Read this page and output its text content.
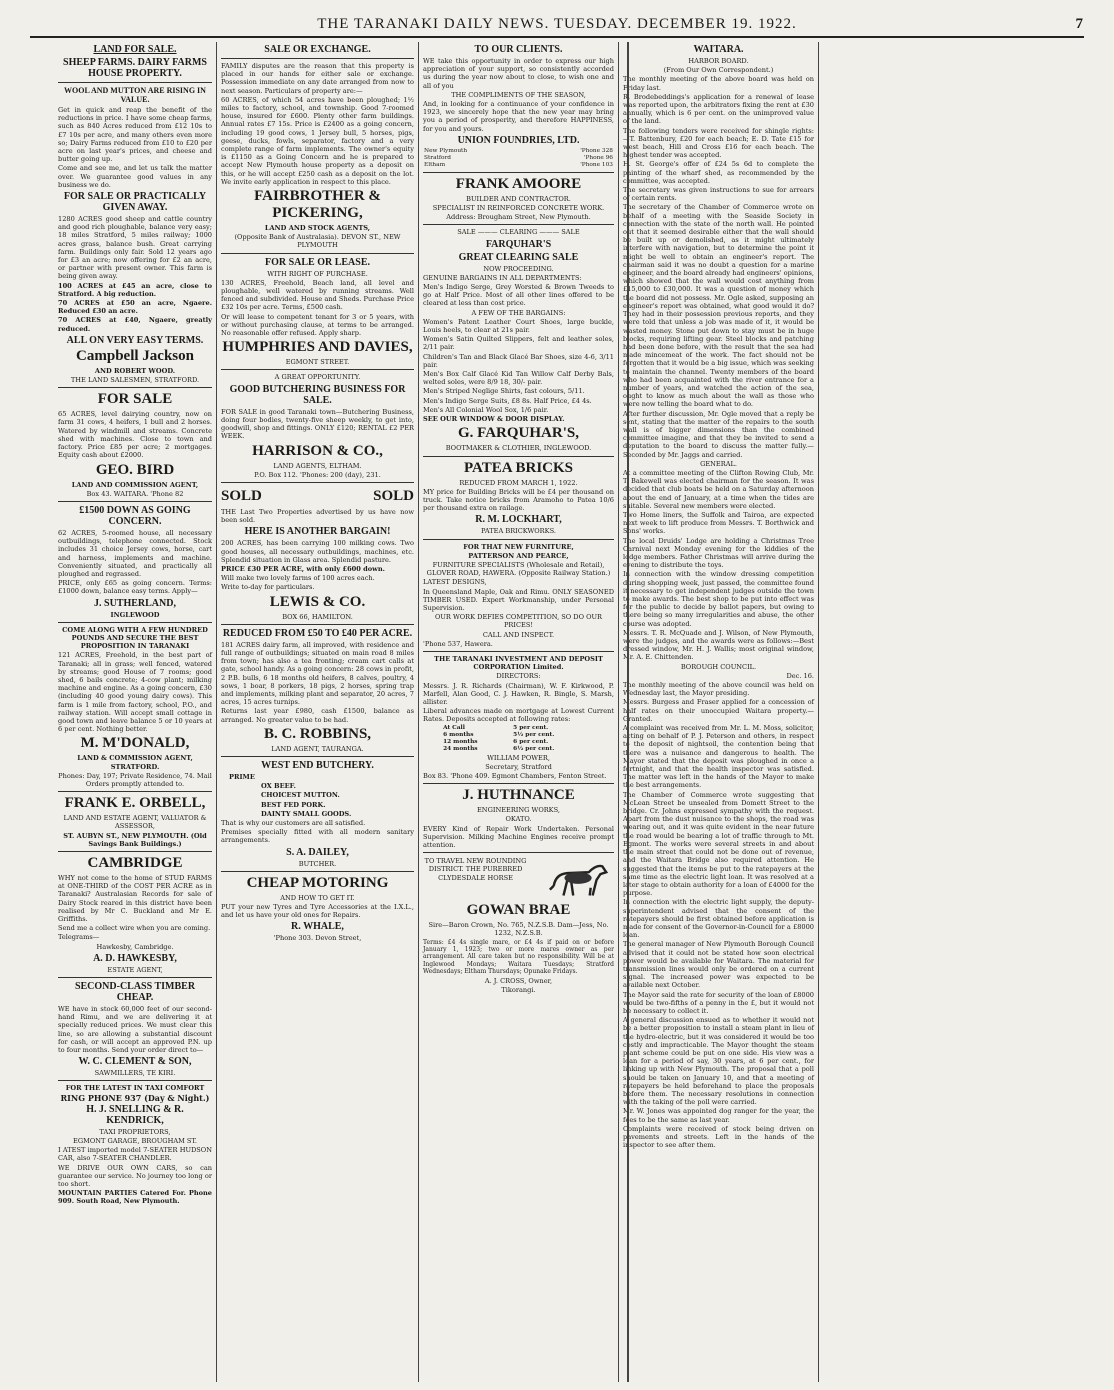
THE TARANAKI DAILY NEWS. TUESDAY. DECEMBER 19. 1922.	7
LAND FOR SALE.
SHEEP FARMS. DAIRY FARMS HOUSE PROPERTY.
WOOL AND MUTTON ARE RISING IN VALUE.
Get in quick and reap the benefit of the reductions in price. I have some cheap farms, such as 840 Acres reduced from £12 10s to £7 10s per acre, and many others even more so; Dairy Farms reduced from £10 to £20 per acre on last year's prices, and cheese and butter going up.
Come and see me, and let us talk the matter over. We guarantee good values in any business we do.
FOR SALE OR PRACTICALLY GIVEN AWAY.
1280 ACRES good sheep and cattle country and good rich ploughable, balance very easy; 18 miles Stratford, 5 miles railway; 1000 acres grass, balance bush. Great carrying farm. Buildings only fair. Sold 12 years ago for £3 an acre; now offering for £2 an acre, or partner with present owner. This farm is being given away.
100 ACRES at £45 an acre, close to Stratford. A big reduction.
70 ACRES at £50 an acre, Ngaere. Reduced £30 an acre.
70 ACRES at £40, Ngaere, greatly reduced.
ALL ON VERY EASY TERMS.
Campbell Jackson
AND ROBERT WOOD.
THE LAND SALESMEN, STRATFORD.
FOR SALE
65 ACRES, level dairying country, now on farm 31 cows, 4 heifers, 1 bull and 2 horses. Watered by windmill and streams. Concrete shed with machines. Close to town and factory. Price £85 per acre; 2 mortgages. Equity cash about £2000.
GEO. BIRD
LAND AND COMMISSION AGENT,
Box 43. WAITARA. 'Phone 82
£1500 DOWN AS GOING CONCERN.
62 ACRES, 5-roomed house, all necessary outbuildings, telephone connected. Stock includes 31 choice Jersey cows, horse, cart and harness, implements and machine. Conveniently situated, and practically all ploughed and regrassed.
PRICE, only £65 as going concern. Terms: £1000 down, balance easy terms. Apply—
J. SUTHERLAND,
INGLEWOOD
COME ALONG WITH A FEW HUNDRED POUNDS AND SECURE THE BEST PROPOSITION IN TARANAKI
121 ACRES, Freehold, in the best part of Taranaki; all in grass; well fenced, watered by streams; good House of 7 rooms; good shed, 6 bails concrete; 4-cow plant; milking machine and engine. As a going concern, £30 (including 40 good young dairy cows). This farm is 1 mile from factory, school, P.O., and railway station. Will accept small cottage in good town and leave balance 5 or 10 years at 6 per cent. Nothing better.
M. M'DONALD,
LAND & COMMISSION AGENT, STRATFORD.
Phones: Day, 197; Private Residence, 74. Mail Orders promptly attended to.
FRANK E. ORBELL,
LAND AND ESTATE AGENT, VALUATOR & ASSESSOR,
ST. AUBYN ST., NEW PLYMOUTH. (Old Savings Bank Buildings.)
CAMBRIDGE
WHY not come to the home of STUD FARMS at ONE-THIRD of the COST PER ACRE as in Taranaki? Australasian Records for sale of Dairy Stock reared in this district have been realised by Mr C. Buckland and Mr E. Griffiths.
Send me a collect wire when you are coming.
Telegrams—
Hawkesby, Cambridge.
A. D. HAWKESBY,
ESTATE AGENT,
SECOND-CLASS TIMBER CHEAP.
WE have in stock 60,000 feet of our second-hand Rimu, and we are delivering it at specially reduced prices. We must clear this line, so are allowing a substantial discount for cash, or will accept an approved P.N. up to four months. Send your order direct to—
W. C. CLEMENT & SON,
SAWMILLERS, TE KIRI.
FOR THE LATEST IN TAXI COMFORT
RING PHONE 937 (Day & Night.)
H. J. SNELLING & R. KENDRICK,
TAXI PROPRIETORS,
EGMONT GARAGE, BROUGHAM ST.
I ATEST imported model 7-SEATER HUDSON CAR, also 7-SEATER CHANDLER.
WE DRIVE OUR OWN CARS, so can guarantee our service. No journey too long or too short.
MOUNTAIN PARTIES Catered For. Phone 909. South Road, New Plymouth.
SALE OR EXCHANGE.
FAMILY disputes are the reason that this property is placed in our hands for either sale or exchange. Possession immediate on any date arranged from now to next season. Particulars of property are:—
60 ACRES, of which 54 acres have been ploughed; 1½ miles to factory, school, and township. Good 7-roomed house, insured for £600. Plenty other farm buildings. Annual rates £7 15s. Price is £2400 as a going concern, including 19 good cows, 1 Jersey bull, 5 horses, pigs, geese, ducks, fowls, separator, factory and a very complete range of farm implements. The owner's equity is £1150 as a Going Concern and he is prepared to accept New Plymouth house property as a deposit on this, or he will accept £250 cash as a deposit on the lot. We invite early application in respect to this place.
FAIRBROTHER & PICKERING,
LAND AND STOCK AGENTS,
(Opposite Bank of Australasia). DEVON ST., NEW PLYMOUTH
FOR SALE OR LEASE.
WITH RIGHT OF PURCHASE.
130 ACRES, Freehold, Beach land, all level and ploughable, well watered by running streams. Well fenced and subdivided. House and Sheds. Purchase Price £32 10s per acre. Terms, £500 cash.
Or will lease to competent tenant for 3 or 5 years, with or without purchasing clause, at terms to be arranged. No reasonable offer refused. Apply sharp.
HUMPHRIES AND DAVIES,
EGMONT STREET.
A GREAT OPPORTUNITY.
GOOD BUTCHERING BUSINESS FOR SALE.
FOR SALE in good Taranaki town—Butchering Business, doing four bodies, twenty-five sheep weekly, to get into, goodwill, shop and fittings. ONLY £120; RENTAL £2 PER WEEK.
HARRISON & CO.,
LAND AGENTS, ELTHAM.
P.O. Box 112. 'Phones: 200 (day), 231.
SOLD	SOLD
THE Last Two Properties advertised by us have now been sold.
HERE IS ANOTHER BARGAIN!
200 ACRES, has been carrying 100 milking cows. Two good houses, all necessary outbuildings, machines, etc. Splendid situation in Glass area. Splendid pasture.
PRICE £30 PER ACRE, with only £600 down.
Will make two lovely farms of 100 acres each.
Write to-day for particulars.
LEWIS & CO.
BOX 66, HAMILTON.
REDUCED FROM £50 TO £40 PER ACRE.
181 ACRES dairy farm, all improved, with residence and full range of outbuildings; situated on main road 8 miles from town; has also a tea fronting; cream cart calls at gate, school handy. As a going concern: 28 cows in profit, 2 P.B. bulls, 6 18 months old heifers, 8 calves, poultry, 4 sows, 1 boar, 8 porkers, 18 pigs, 2 horses, spring trap and implements, milking plant and separator, 20 acres, 7 acres, 15 acres turnips.
Returns last year £980, cash £1500, balance as arranged. No greater value to be had.
B. C. ROBBINS,
LAND AGENT, TAURANGA.
WEST END BUTCHERY.
PRIME
OX BEEF.
CHOICEST MUTTON.
BEST FED PORK.
DAINTY SMALL GOODS.
That is why our customers are all satisfied.
Premises specially fitted with all modern sanitary arrangements.
S. A. DAILEY,
BUTCHER.
CHEAP MOTORING
AND HOW TO GET IT.
PUT your new Tyres and Tyre Accessories at the I.X.L., and let us have your old ones for Repairs.
R. WHALE,
'Phone 303. Devon Street,
TO OUR CLIENTS.
WE take this opportunity in order to express our high appreciation of your support, so consistently accorded us during the year now about to close, to wish one and all of you
THE COMPLIMENTS OF THE SEASON,
And, in looking for a continuance of your confidence in 1923, we sincerely hope that the new year may bring you a period of prosperity, and therefore HAPPINESS, for you and yours.
UNION FOUNDRIES, LTD.
New Plymouth	'Phone 328
Stratford	'Phone 96
Eltham	'Phone 103
FRANK AMOORE
BUILDER AND CONTRACTOR.
SPECIALIST IN REINFORCED CONCRETE WORK.
Address: Brougham Street, New Plymouth.
SALE ——— CLEARING ——— SALE
FARQUHAR'S
GREAT CLEARING SALE
NOW PROCEEDING.
GENUINE BARGAINS IN ALL DEPARTMENTS:
Men's Indigo Serge, Grey Worsted & Brown Tweeds to go at Half Price. Most of all other lines offered to be cleared at less than cost price.
A FEW OF THE BARGAINS:
Women's Patent Leather Court Shoes, large buckle, Louis heels, to clear at 21s pair.
Women's Satin Quilted Slippers, felt and leather soles, 2/11 pair.
Children's Tan and Black Glacé Bar Shoes, size 4-6, 3/11 pair.
Men's Box Calf Glacé Kid Tan Willow Calf Derby Bals, welted soles, were 8/9 18, 30/- pair.
Men's Striped Neglige Shirts, fast colours, 5/11.
Men's Indigo Serge Suits, £8 8s. Half Price, £4 4s.
Men's All Colonial Wool Sox, 1/6 pair.
SEE OUR WINDOW & DOOR DISPLAY.
G. FARQUHAR'S,
BOOTMAKER & CLOTHIER, INGLEWOOD.
PATEA BRICKS
REDUCED FROM MARCH 1, 1922.
MY price for Building Bricks will be £4 per thousand on truck. Take notice bricks from Aramoho to Patea 10/6 per thousand extra on railage.
R. M. LOCKHART,
PATEA BRICKWORKS.
FOR THAT NEW FURNITURE,
PATTERSON AND PEARCE,
FURNITURE SPECIALISTS (Wholesale and Retail), GLOVER ROAD, HAWERA. (Opposite Railway Station.)
LATEST DESIGNS,
In Queensland Maple, Oak and Rimu. ONLY SEASONED TIMBER USED. Expert Workmanship, under Personal Supervision.
OUR WORK DEFIES COMPETITION, SO DO OUR PRICES!
CALL AND INSPECT.
'Phone 537, Hawera.
THE TARANAKI INVESTMENT AND DEPOSIT CORPORATION Limited.
DIRECTORS:
Messrs. J. R. Richards (Chairman), W. F. Kirkwood, P. Marfell, Alan Good, C. J. Hawken, R. Bingle, S. Marsh, allister.
Liberal advances made on mortgage at Lowest Current Rates. Deposits accepted at following rates:
At Call	5 per cent.
6 months	5½ per cent.
12 months	6 per cent.
24 months	6½ per cent.
WILLIAM POWER,
Secretary, Stratford
Box 83. 'Phone 409. Egmont Chambers, Fenton Street.
J. HUTHNANCE
ENGINEERING WORKS,
OKATO.
EVERY Kind of Repair Work Undertaken. Personal Supervision. Milking Machine Engines receive prompt attention.
TO TRAVEL NEW ROUNDING DISTRICT. THE PUREBRED CLYDESDALE HORSE
GOWAN BRAE
Sire—Baron Crown, No. 765, N.Z.S.B. Dam—Jess, No. 1232, N.Z.S.B.
Terms: £4 4s single mare, or £4 4s if paid on or before January 1, 1923; two or more mares owner as per arrangement. All care taken but no responsibility. Will be at Inglewood Mondays; Waitara Tuesdays; Stratford Wednesdays; Eltham Thursdays; Opunake Fridays.
A. J. CROSS, Owner,
Tikorangi.
WAITARA.
HARBOR BOARD.
(From Our Own Correspondent.)
The monthly meeting of the above board was held on Friday last.
R. Brodebeddings's application for a renewal of lease was reported upon, the arbitrators fixing the rent at £30 annually, which is 6 per cent. on the unimproved value of the land.
The following tenders were received for shingle rights:—T. Battenbury, £20 for each beach; E. D. Tate £15 for west beach, Hill and Cross £16 for each beach. The highest tender was accepted.
H. St. George's offer of £24 5s 6d to complete the painting of the wharf shed, as recommended by the committee, was accepted.
The secretary was given instructions to sue for arrears of certain rents.
The secretary of the Chamber of Commerce wrote on behalf of a meeting with the Seaside Society in connection with the state of the north wall. He pointed out that it seemed desirable either that the wall should be built up or demolished, as it might ultimately interfere with navigation, but to determine the point it might be well to obtain an engineer's report. The chairman said it was no doubt a question for a marine engineer, and the board already had engineers' opinions, which showed that the wall would cost anything from £15,000 to £30,000. It was a question of money which the board did not possess. Mr. Ogle asked, supposing an engineer's report was obtained, what good would it do? They had in their possession previous reports, and they were told that unless a job was made of it, it would be wasted money. Stone put down to stay must be in huge blocks, requiring lifting gear. Steel blocks and patching had been done before, with the result that the sea had made mincemeat of the work. The fact should not be forgotten that it would be a big issue, which was seeking to maintain the channel. Twenty members of the board who had been acquainted with the river entrance for a number of years, and watched the action of the sea, ought to know as much about the wall as those who were now telling the board what to do.
After further discussion, Mr. Ogle moved that a reply be sent, stating that the matter of the repairs to the south wall is of bigger dimensions than the combined committee imagine, and that they be invited to send a deputation to the board to discuss the matter fully.—Seconded by Mr. Jaggs and carried.
GENERAL.
At a committee meeting of the Clifton Rowing Club, Mr. T. Bakewell was elected chairman for the season. It was decided that club boats be held on a Saturday afternoon about the end of January, at a time when the tides are suitable. Several new members were elected.
Two Home liners, the Suffolk and Tairoa, are expected next week to lift produce from Messrs. T. Borthwick and Sons' works.
The local Druids' Lodge are holding a Christmas Tree Carnival next Monday evening for the kiddies of the lodge members. Father Christmas will arrive during the evening to distribute the toys.
In connection with the window dressing competition during shopping week, just passed, the committee found it necessary to get independent judges outside the town to make awards. The best shop to be put into effect was for the public to decide by ballot papers, but owing to there being so many irregularities and abuse, the other course was adopted.
Messrs. T. R. McQuade and J. Wilson, of New Plymouth, were the judges, and the awards were as follows:—Best dressed window, Mr. H. J. Wallis; most original window, Mr. A. E. Chittenden.
BOROUGH COUNCIL.
Dec. 16.
The monthly meeting of the above council was held on Wednesday last, the Mayor presiding.
Messrs. Burgess and Fraser applied for a concession of half rates on their unoccupied Waitara property.—Granted.
A complaint was received from Mr. L. M. Moss, solicitor, acting on behalf of P. J. Peterson and others, in respect to the deposit of nightsoil, the contention being that there was a nuisance and dangerous to health. The Mayor stated that the deposit was ploughed in once a fortnight, and that the health inspector was satisfied. The matter was left in the hands of the Mayor to make the best arrangements.
The Chamber of Commerce wrote suggesting that McLean Street be unsealed from Domett Street to the bridge. Cr. Johns expressed sympathy with the request. Apart from the dust nuisance to the shops, the road was wearing out, and it was quite evident in the near future the road would be bearing a lot of traffic through to Mt. Egmont. The works were several streets in and about the main street that could not be done out of revenue, and the Waitara Bridge also required attention. He suggested that the items be put to the ratepayers at the same time as the electric light loan. It was resolved at a later stage to obtain authority for a loan of £4000 for the purpose.
In connection with the electric light supply, the deputy-superintendent advised that the consent of the ratepayers should be first obtained before application is made for consent of the Governor-in-Council for a £8000 loan.
The general manager of New Plymouth Borough Council advised that it could not be stated how soon electrical power would be available for Waitara. The material for transmission lines would only be ordered on a current signal. The increased power was expected to be available next October.
The Mayor said the rate for security of the loan of £8000 would be two-fifths of a penny in the £, but it would not be necessary to collect it.
A general discussion ensued as to whether it would not be a better proposition to install a steam plant in lieu of the hydro-electric, but it was considered it would be too costly and impracticable. The Mayor thought the steam plant scheme could be put on one side. His view was a loan for a period of say, 30 years, at 6 per cent., for linking up with New Plymouth. The proposal that a poll should be taken on January 10, and that a meeting of ratepayers be held beforehand to place the proposals before them. The necessary resolutions in connection with the taking of the poll were carried.
Mr. W. Jones was appointed dog ranger for the year, the fees to be the same as last year.
Complaints were received of stock being driven on pavements and streets. Left in the hands of the inspector to see after them.
